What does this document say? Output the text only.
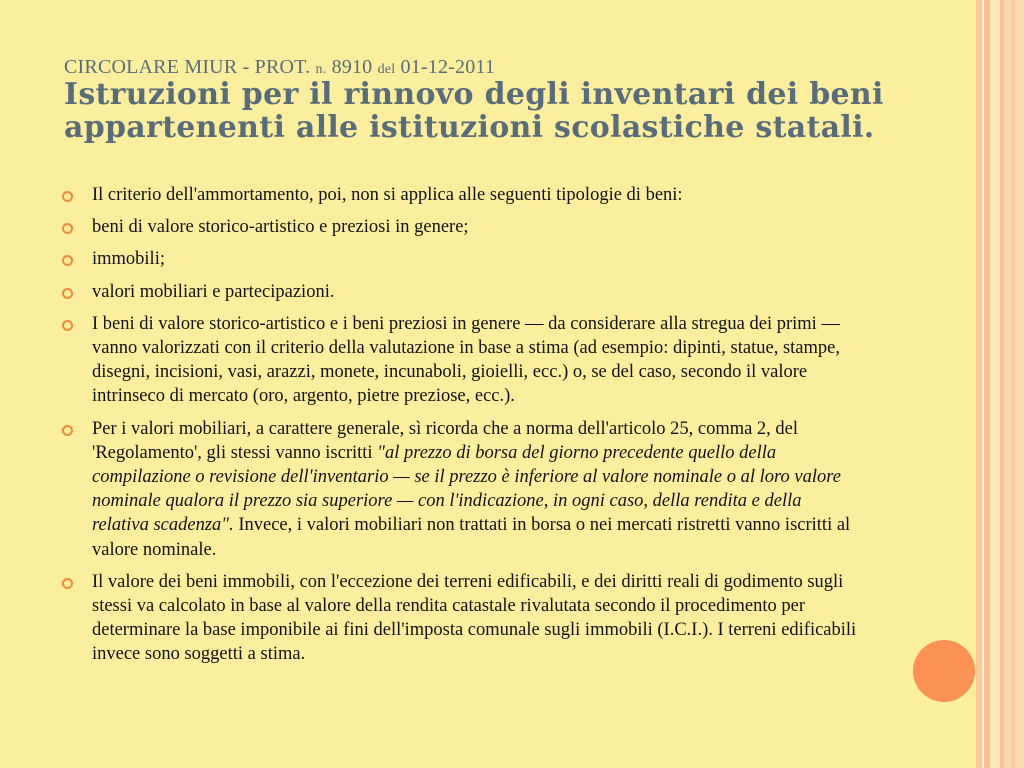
CIRCOLARE MIUR - PROT. n. 8910 del 01-12-2011
Istruzioni per il rinnovo degli inventari dei beni appartenenti alle istituzioni scolastiche statali.
Il criterio dell'ammortamento, poi, non si applica alle seguenti tipologie di beni:
beni di valore storico-artistico e preziosi in genere;
immobili;
valori mobiliari e partecipazioni.
I beni di valore storico-artistico e i beni preziosi in genere — da considerare alla stregua dei primi — vanno valorizzati con il criterio della valutazione in base a stima (ad esempio: dipinti, statue, stampe, disegni, incisioni, vasi, arazzi, monete, incunaboli, gioielli, ecc.) o, se del caso, secondo il valore intrinseco di mercato (oro, argento, pietre preziose, ecc.).
Per i valori mobiliari, a carattere generale, sì ricorda che a norma dell'articolo 25, comma 2, del 'Regolamento', gli stessi vanno iscritti "al prezzo di borsa del giorno precedente quello della compilazione o revisione dell'inventario — se il prezzo è inferiore al valore nominale o al loro valore nominale qualora il prezzo sia superiore — con l'indicazione, in ogni caso, della rendita e della relativa scadenza". Invece, i valori mobiliari non trattati in borsa o nei mercati ristretti vanno iscritti al valore nominale.
Il valore dei beni immobili, con l'eccezione dei terreni edificabili, e dei diritti reali di godimento sugli stessi va calcolato in base al valore della rendita catastale rivalutata secondo il procedimento per determinare la base imponibile ai fini dell'imposta comunale sugli immobili (I.C.I.). I terreni edificabili invece sono soggetti a stima.
